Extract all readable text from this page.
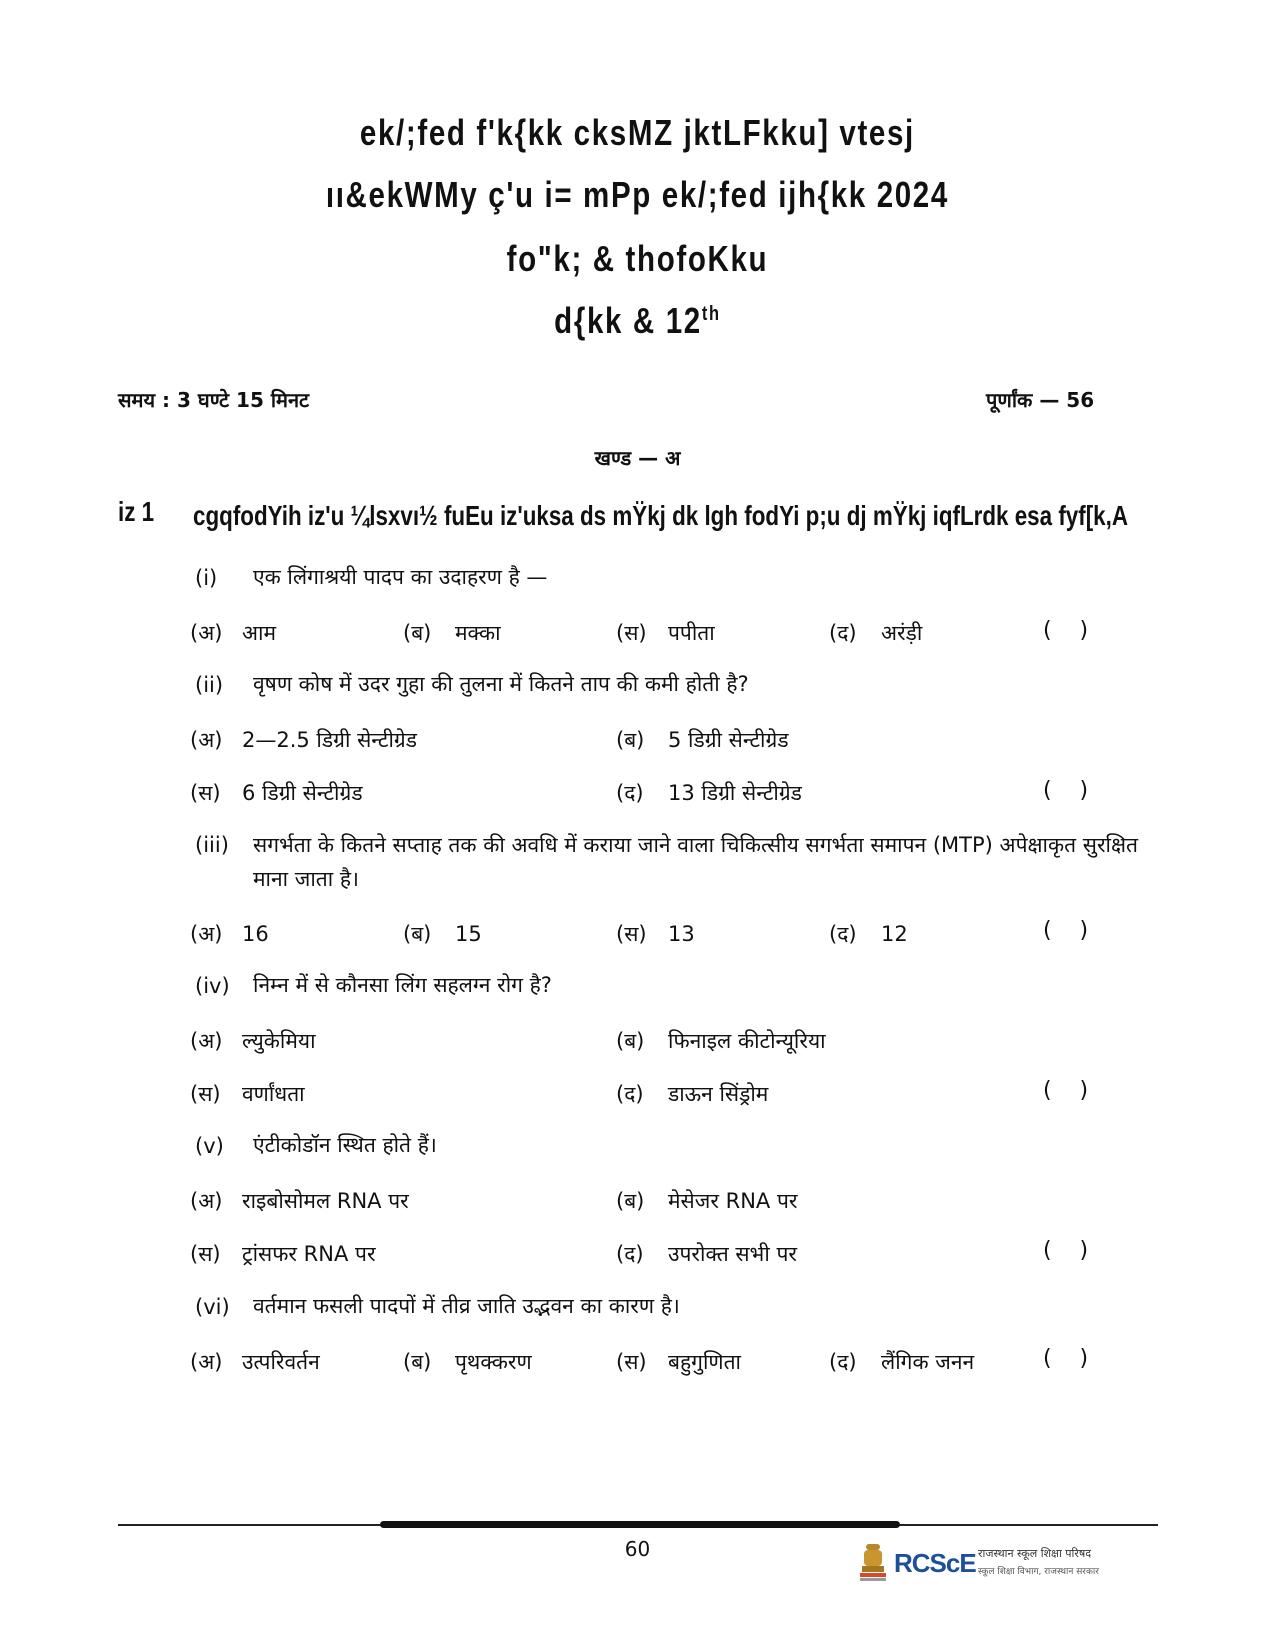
ek/;fed f'k{kk cksMZ jktLFkku] vtesj
ıı&ekWMy ç'u i= mPp ek/;fed ijh{kk 2024
fo"k; & thofoKku
d{kk & 12th
समय : 3 घण्टे 15 मिनट	पूर्णांक — 56
खण्ड — अ
iz 1 cgqfodYih iz'u ¼lsxvı½ fuEu iz'uksa ds mŸkj dk lgh fodYi p;u dj mŸkj iqfLrdk esa fyf[k,A
(i) एक लिंगाश्रयी पादप का उदाहरण है —
(अ) आम	(ब) मक्का	(स) पपीता	(द) अरंड़ी	(    )
(ii) वृषण कोष में उदर गुहा की तुलना में कितने ताप की कमी होती है?
(अ) 2—2.5 डिग्री सेन्टीग्रेड	(ब) 5 डिग्री सेन्टीग्रेड
(स) 6 डिग्री सेन्टीग्रेड	(द) 13 डिग्री सेन्टीग्रेड	(    )
(iii) सगर्भता के कितने सप्ताह तक की अवधि में कराया जाने वाला चिकित्सीय सगर्भता समापन (MTP) अपेक्षाकृत सुरक्षित माना जाता है।
(अ) 16	(ब) 15	(स) 13	(द) 12	(    )
(iv) निम्न में से कौनसा लिंग सहलग्न रोग है?
(अ) ल्युकेमिया	(ब) फिनाइल कीटोन्यूरिया
(स) वर्णांधता	(द) डाऊन सिंड्रोम	(    )
(v) एंटीकोडॉन स्थित होते हैं।
(अ) राइबोसोमल RNA पर	(ब) मेसेजर RNA पर
(स) ट्रांसफर RNA पर	(द) उपरोक्त सभी पर	(    )
(vi) वर्तमान फसली पादपों में तीव्र जाति उद्भवन का कारण है।
(अ) उत्परिवर्तन	(ब) पृथक्करण	(स) बहुगुणिता	(द) लैंगिक जनन	(    )
60	RCScE राजस्थान स्कूल शिक्षा परिषद
स्कूल शिक्षा विभाग, राजस्थान सरकार
